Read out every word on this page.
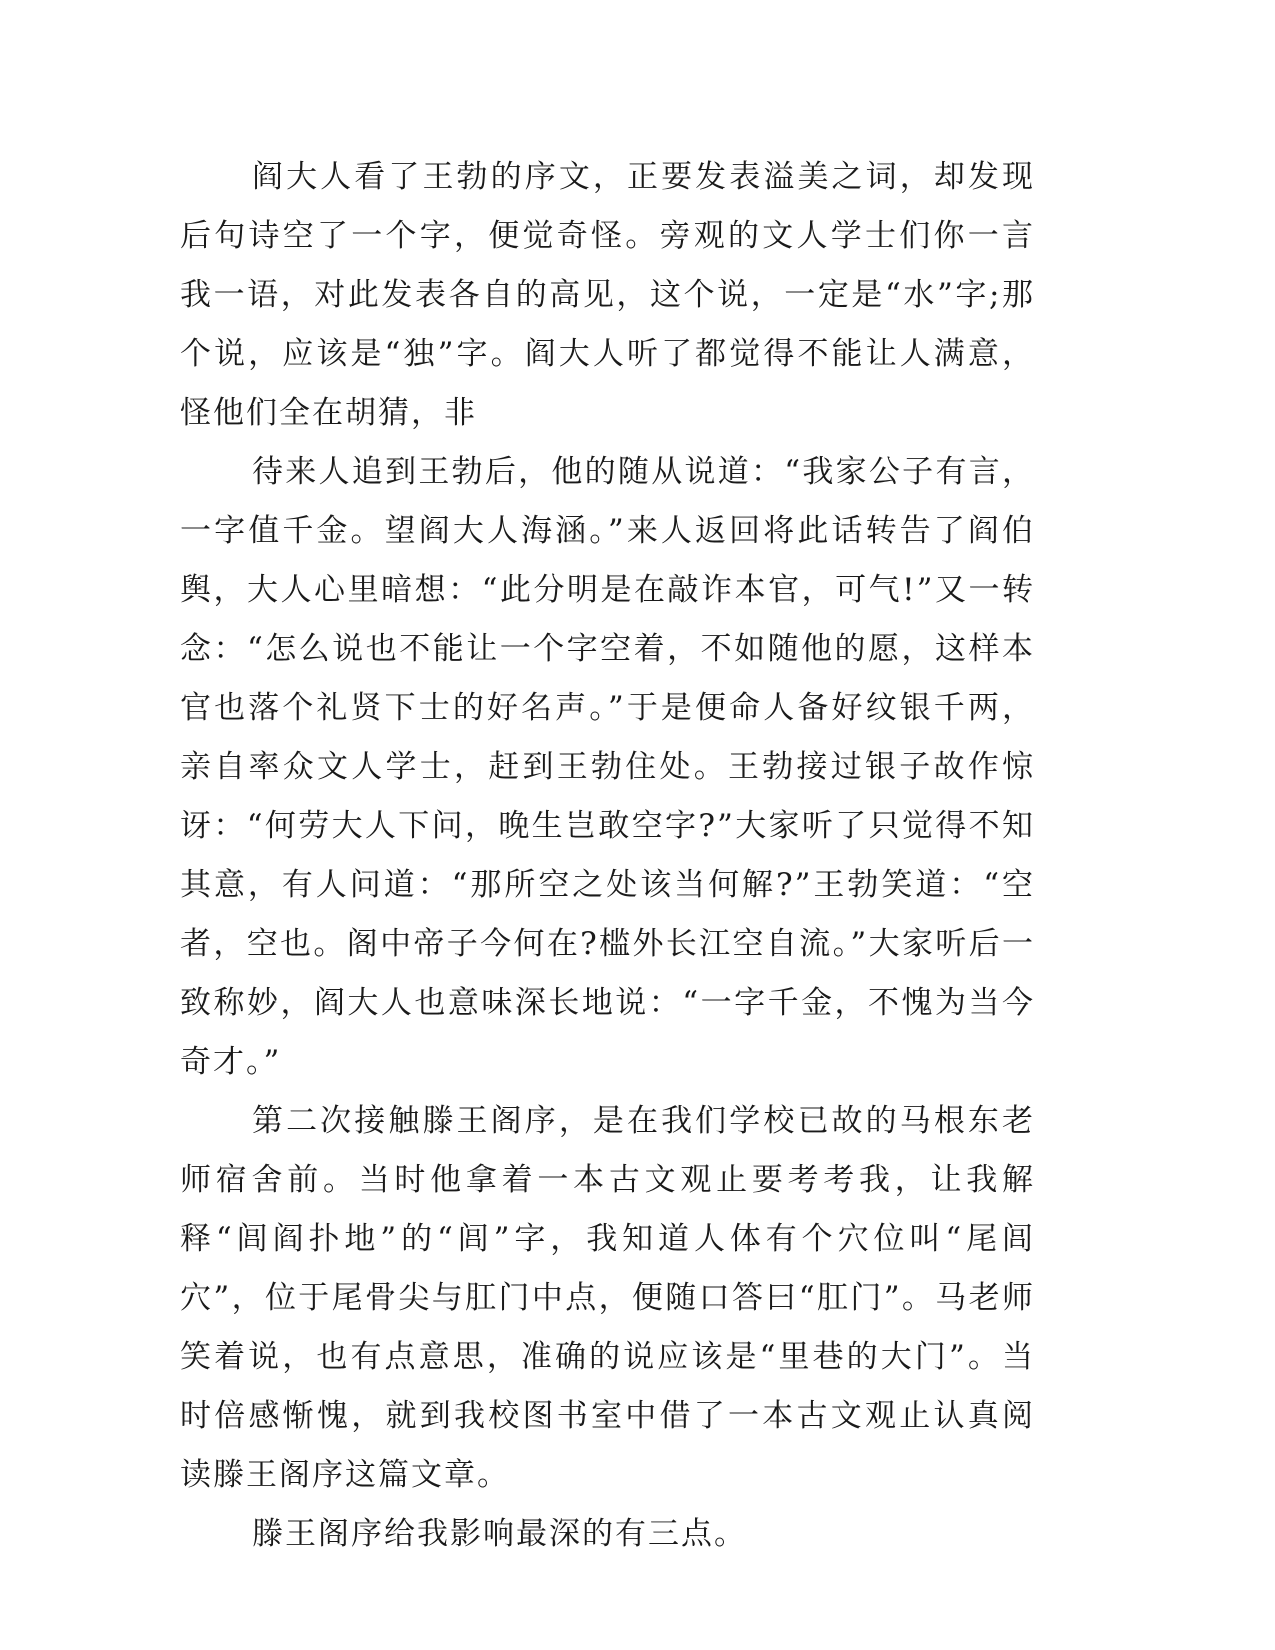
阎大人看了王勃的序文，正要发表溢美之词，却发现后句诗空了一个字，便觉奇怪。旁观的文人学士们你一言我一语，对此发表各自的高见，这个说，一定是“水”字;那个说，应该是“独”字。阎大人听了都觉得不能让人满意，怪他们全在胡猜，非

待来人追到王勃后，他的随从说道：“我家公子有言，一字值千金。望阎大人海涵。”来人返回将此话转告了阎伯舆，大人心里暗想：“此分明是在敲诈本官，可气!”又一转念：“怎么说也不能让一个字空着，不如随他的愿，这样本官也落个礼贤下士的好名声。”于是便命人备好纹银千两，亲自率众文人学士，赶到王勃住处。王勃接过银子故作惊讶：“何劳大人下问，晚生岂敢空字?”大家听了只觉得不知其意，有人问道：“那所空之处该当何解?”王勃笑道：“空者，空也。阁中帝子今何在?槛外长江空自流。”大家听后一致称妙，阎大人也意味深长地说：“一字千金，不愧为当今奇才。”

第二次接触滕王阁序，是在我们学校已故的马根东老师宿舍前。当时他拿着一本古文观止要考考我，让我解释“闾阎扑地”的“闾”字，我知道人体有个穴位叫“尾闾穴”，位于尾骨尖与肛门中点，便随口答曰“肛门”。马老师笑着说，也有点意思，准确的说应该是“里巷的大门”。当时倍感惭愧，就到我校图书室中借了一本古文观止认真阅读滕王阁序这篇文章。

滕王阁序给我影响最深的有三点。
